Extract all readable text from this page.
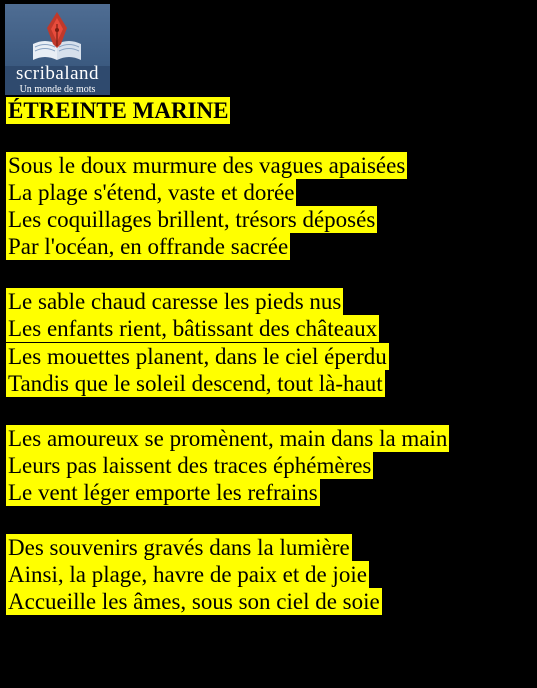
scribaland
Un monde de mots
ÉTREINTE MARINE
Sous le doux murmure des vagues apaisées
La plage s'étend, vaste et dorée
Les coquillages brillent, trésors déposés
Par l'océan, en offrande sacrée
Le sable chaud caresse les pieds nus
Les enfants rient, bâtissant des châteaux
Les mouettes planent, dans le ciel éperdu
Tandis que le soleil descend, tout là-haut
Les amoureux se promènent, main dans la main
Leurs pas laissent des traces éphémères
Le vent léger emporte les refrains
Des souvenirs gravés dans la lumière
Ainsi, la plage, havre de paix et de joie
Accueille les âmes, sous son ciel de soie
